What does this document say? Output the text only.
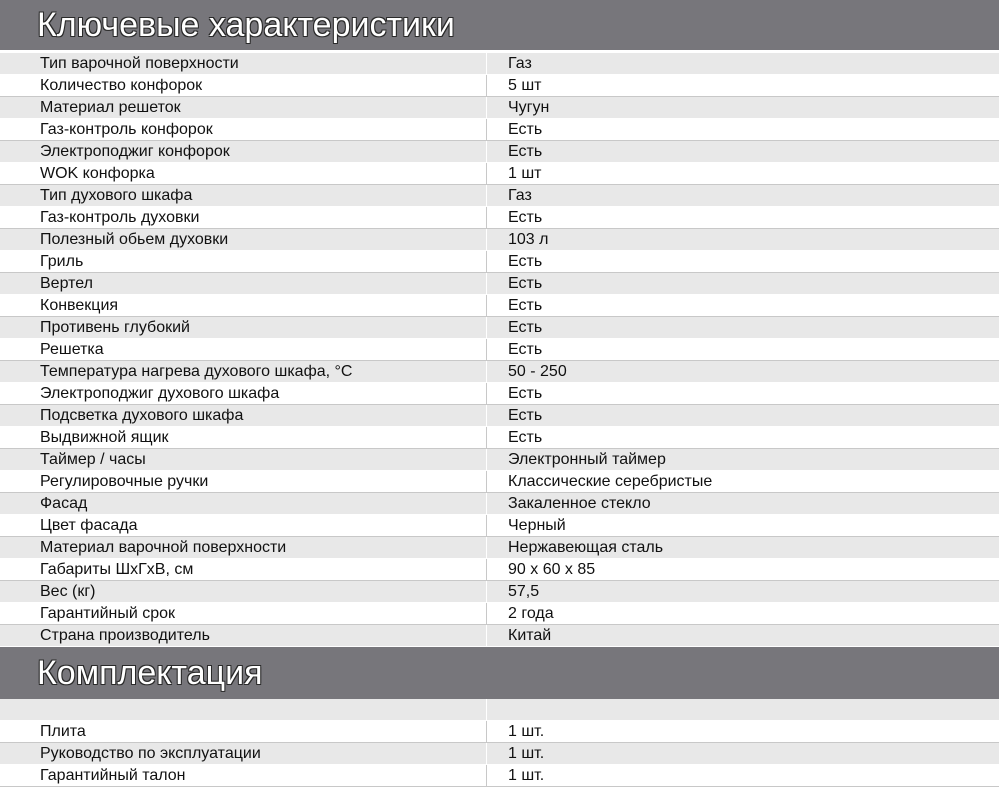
Ключевые характеристики
Тип варочной поверхности	Газ
Количество конфорок	5 шт
Материал решеток	Чугун
Газ-контроль конфорок	Есть
Электроподжиг конфорок	Есть
WOK конфорка	1 шт
Тип духового шкафа	Газ
Газ-контроль духовки	Есть
Полезный обьем духовки	103 л
Гриль	Есть
Вертел	Есть
Конвекция	Есть
Противень глубокий	Есть
Решетка	Есть
Температура нагрева духового шкафа, °C	50 - 250
Электроподжиг духового шкафа	Есть
Подсветка духового шкафа	Есть
Выдвижной ящик	Есть
Таймер / часы	Электронный таймер
Регулировочные ручки	Классические серебристые
Фасад	Закаленное стекло
Цвет фасада	Черный
Материал варочной поверхности	Нержавеющая сталь
Габариты ШхГхВ, см	90 х 60 х 85
Вес (кг)	57,5
Гарантийный срок	2 года
Страна производитель	Китай
Комплектация

Плита	1 шт.
Руководство по эксплуатации	1 шт.
Гарантийный талон	1 шт.
